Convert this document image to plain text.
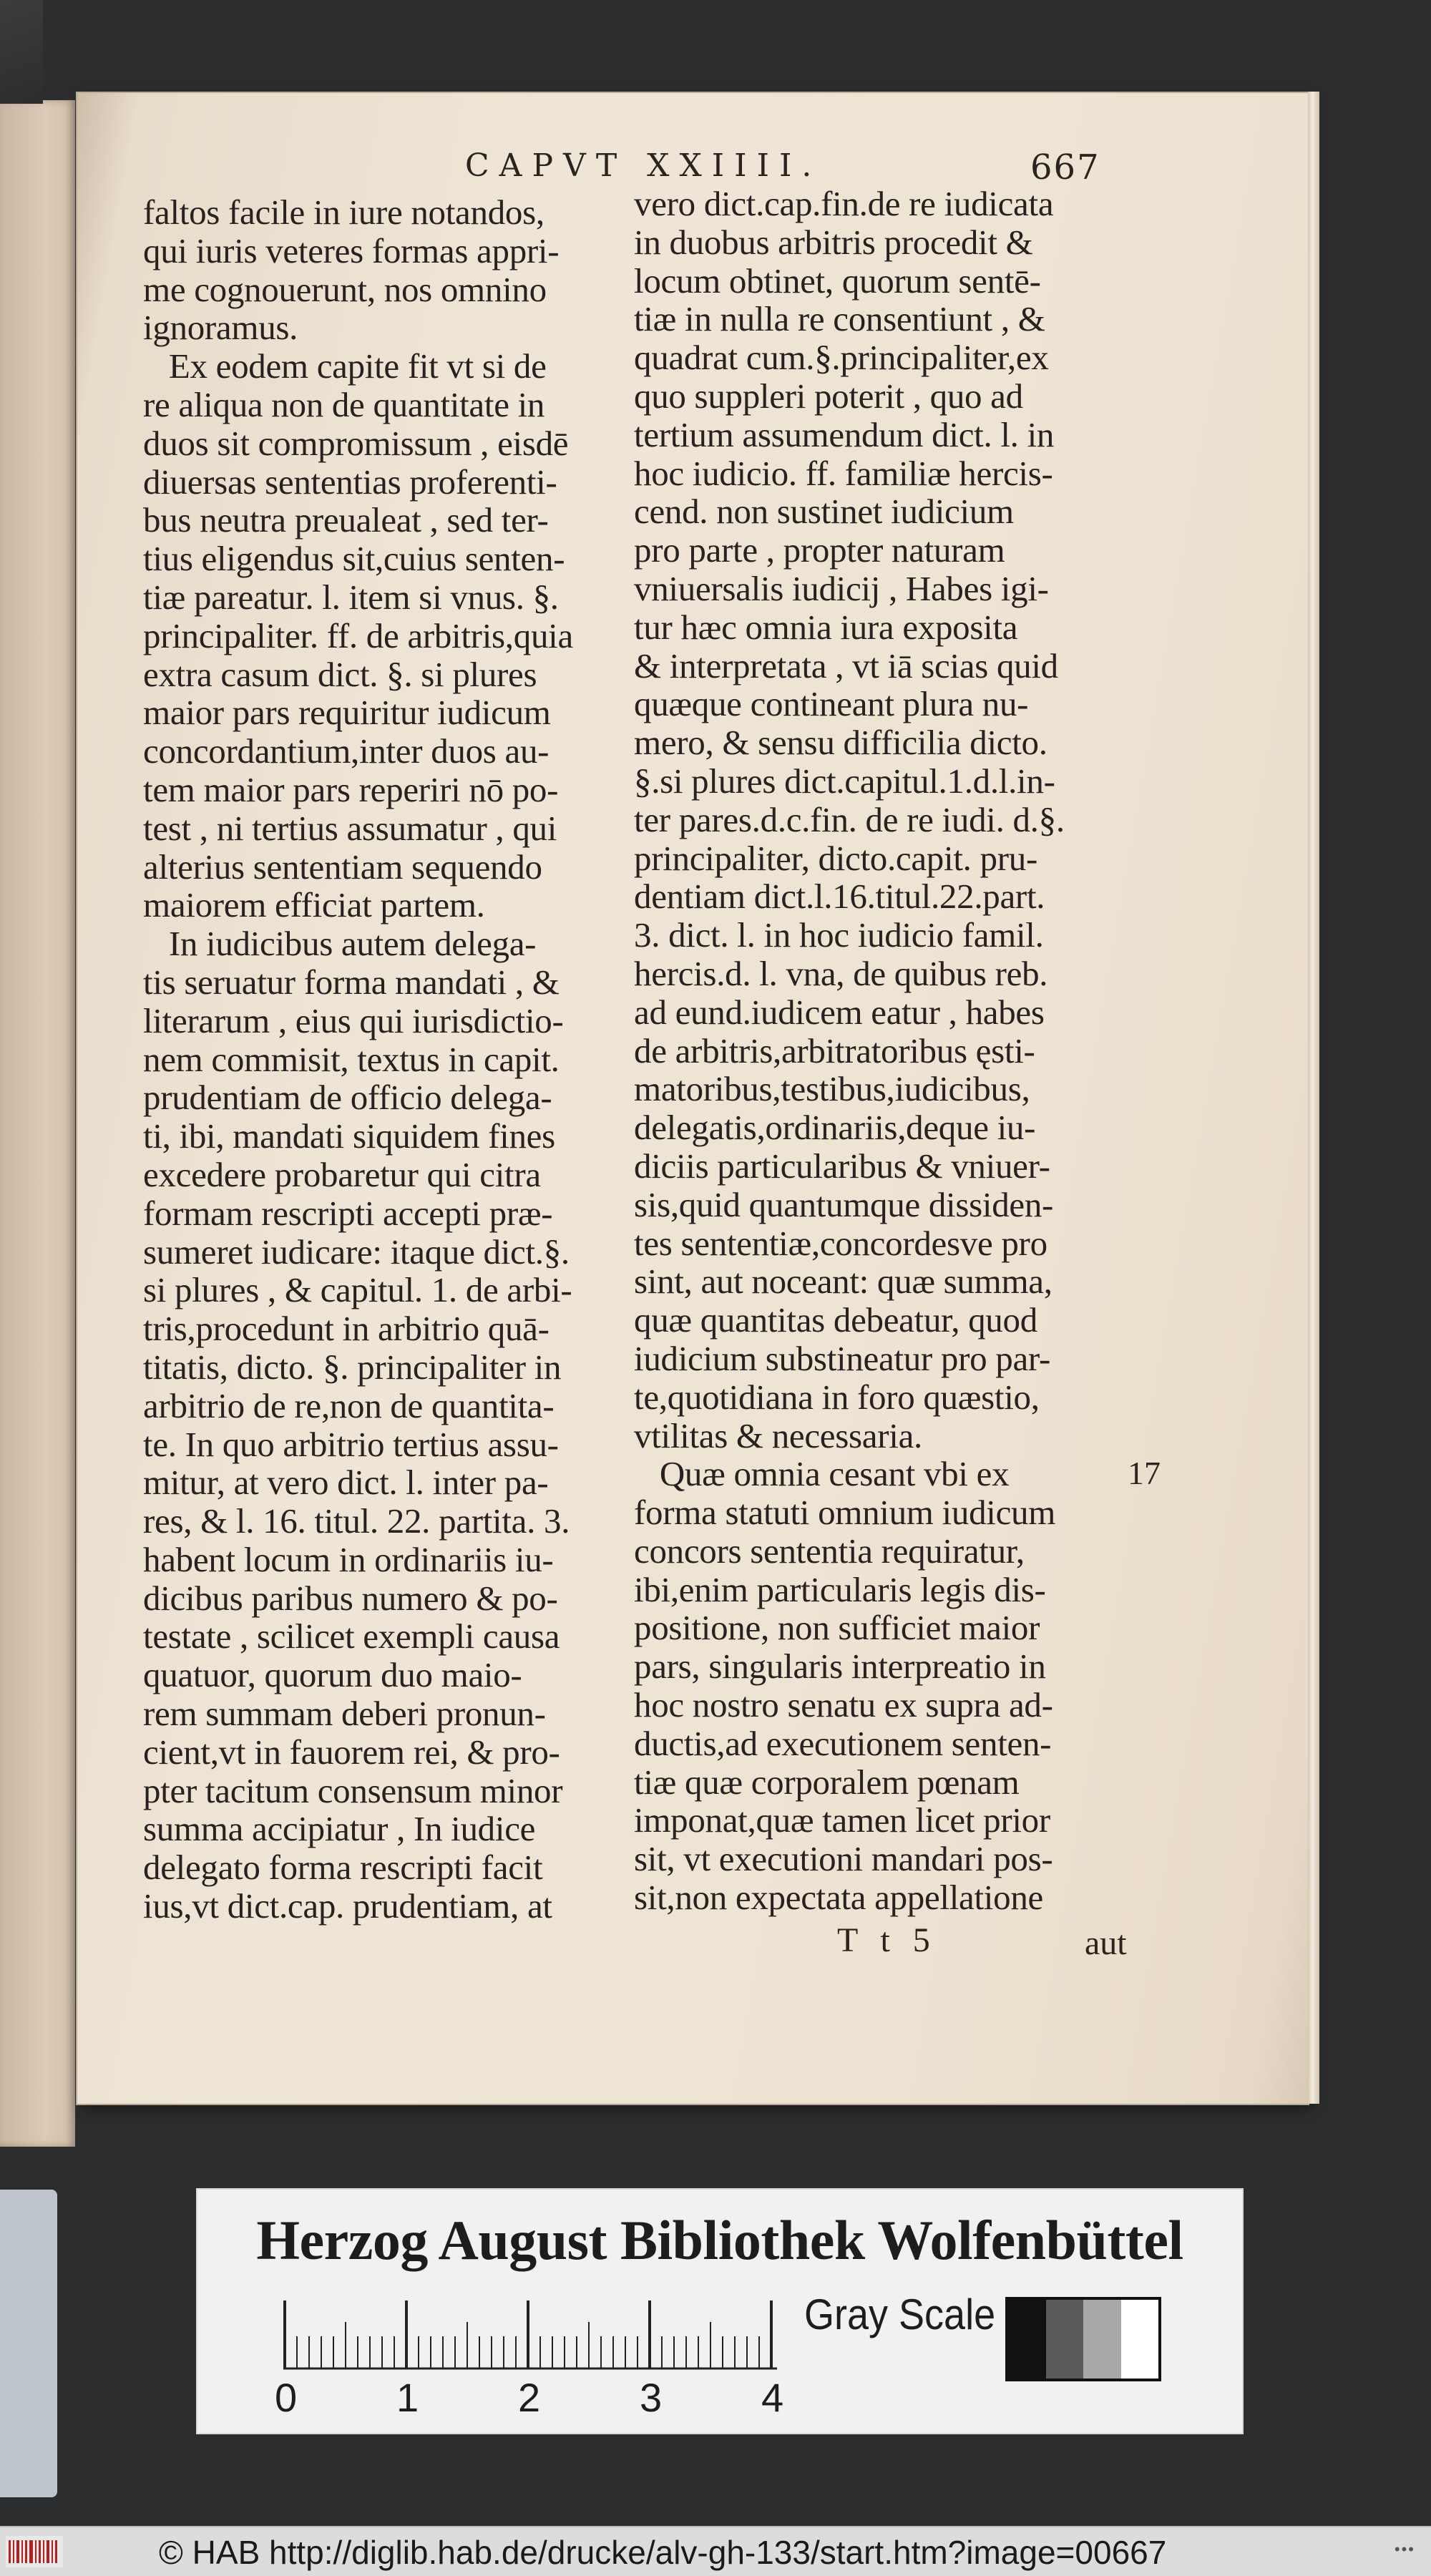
CAPVT XXIIII.	667
faltos facile in iure notandos,
qui iuris veteres formas appri-
me cognouerunt, nos omnino
ignoramus.
Ex eodem capite fit vt si de
re aliqua non de quantitate in
duos sit compromissum , eisdē
diuersas sententias proferenti-
bus neutra preualeat , sed ter-
tius eligendus sit,cuius senten-
tiæ pareatur. l. item si vnus. §.
principaliter. ff. de arbitris,quia
extra casum dict. §. si plures
maior pars requiritur iudicum
concordantium,inter duos au-
tem maior pars reperiri nō po-
test , ni tertius assumatur , qui
alterius sententiam sequendo
maiorem efficiat partem.
In iudicibus autem delega-
tis seruatur forma mandati , &
literarum , eius qui iurisdictio-
nem commisit, textus in capit.
prudentiam de officio delega-
ti, ibi, mandati siquidem fines
excedere probaretur qui citra
formam rescripti accepti præ-
sumeret iudicare: itaque dict.§.
si plures , & capitul. 1. de arbi-
tris,procedunt in arbitrio quā-
titatis, dicto. §. principaliter in
arbitrio de re,non de quantita-
te. In quo arbitrio tertius assu-
mitur, at vero dict. l. inter pa-
res, & l. 16. titul. 22. partita. 3.
habent locum in ordinariis iu-
dicibus paribus numero & po-
testate , scilicet exempli causa
quatuor, quorum duo maio-
rem summam deberi pronun-
cient,vt in fauorem rei, & pro-
pter tacitum consensum minor
summa accipiatur , In iudice
delegato forma rescripti facit
ius,vt dict.cap. prudentiam, at
vero dict.cap.fin.de re iudicata
in duobus arbitris procedit &
locum obtinet, quorum sentē-
tiæ in nulla re consentiunt , &
quadrat cum.§.principaliter,ex
quo suppleri poterit , quo ad
tertium assumendum dict. l. in
hoc iudicio. ff. familiæ hercis-
cend. non sustinet iudicium
pro parte , propter naturam
vniuersalis iudicij , Habes igi-
tur hæc omnia iura exposita
& interpretata , vt iā scias quid
quæque contineant plura nu-
mero, & sensu difficilia dicto.
§.si plures dict.capitul.1.d.l.in-
ter pares.d.c.fin. de re iudi. d.§.
principaliter, dicto.capit. pru-
dentiam dict.l.16.titul.22.part.
3. dict. l. in hoc iudicio famil.
hercis.d. l. vna, de quibus reb.
ad eund.iudicem eatur , habes
de arbitris,arbitratoribus ęsti-
matoribus,testibus,iudicibus,
delegatis,ordinariis,deque iu-
diciis particularibus & vniuer-
sis,quid quantumque dissiden-
tes sententiæ,concordesve pro
sint, aut noceant: quæ summa,
quæ quantitas debeatur, quod
iudicium substineatur pro par-
te,quotidiana in foro quæstio,
vtilitas & necessaria.
Quæ omnia cesant vbi ex
forma statuti omnium iudicum
concors sententia requiratur,
ibi,enim particularis legis dis-
positione, non sufficiet maior
pars, singularis interpreatio in
hoc nostro senatu ex supra ad-
ductis,ad executionem senten-
tiæ quæ corporalem pœnam
imponat,quæ tamen licet prior
sit, vt executioni mandari pos-
sit,non expectata appellatione
17
T t 5	aut
Herzog August Bibliothek Wolfenbüttel
0 1 2 3 4
Gray Scale
© HAB http://diglib.hab.de/drucke/alv-gh-133/start.htm?image=00667	•••
